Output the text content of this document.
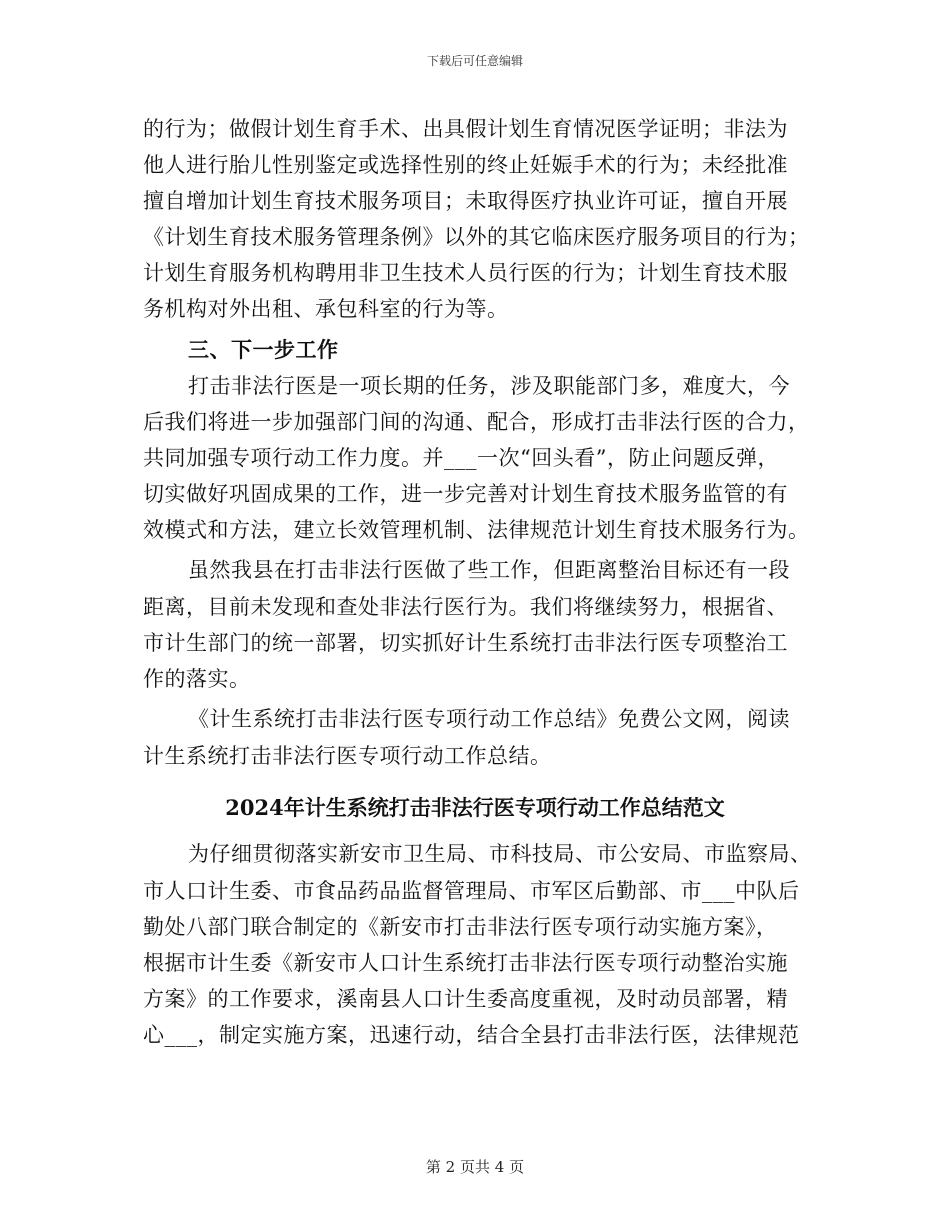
下载后可任意编辑
的行为；做假计划生育手术、出具假计划生育情况医学证明；非法为
他人进行胎儿性别鉴定或选择性别的终止妊娠手术的行为；未经批准
擅自增加计划生育技术服务项目；未取得医疗执业许可证，擅自开展
《计划生育技术服务管理条例》以外的其它临床医疗服务项目的行为；
计划生育服务机构聘用非卫生技术人员行医的行为；计划生育技术服
务机构对外出租、承包科室的行为等。
三、下一步工作
打击非法行医是一项长期的任务，涉及职能部门多，难度大，今
后我们将进一步加强部门间的沟通、配合，形成打击非法行医的合力，
共同加强专项行动工作力度。并___一次“回头看”，防止问题反弹，
切实做好巩固成果的工作，进一步完善对计划生育技术服务监管的有
效模式和方法，建立长效管理机制、法律规范计划生育技术服务行为。
虽然我县在打击非法行医做了些工作，但距离整治目标还有一段
距离，目前未发现和查处非法行医行为。我们将继续努力，根据省、
市计生部门的统一部署，切实抓好计生系统打击非法行医专项整治工
作的落实。
《计生系统打击非法行医专项行动工作总结》免费公文网，阅读
计生系统打击非法行医专项行动工作总结。
2024年计生系统打击非法行医专项行动工作总结范文
为仔细贯彻落实新安市卫生局、市科技局、市公安局、市监察局、
市人口计生委、市食品药品监督管理局、市军区后勤部、市___中队后
勤处八部门联合制定的《新安市打击非法行医专项行动实施方案》，
根据市计生委《新安市人口计生系统打击非法行医专项行动整治实施
方案》的工作要求，溪南县人口计生委高度重视，及时动员部署，精
心___，制定实施方案，迅速行动，结合全县打击非法行医，法律规范
第 2 页共 4 页
